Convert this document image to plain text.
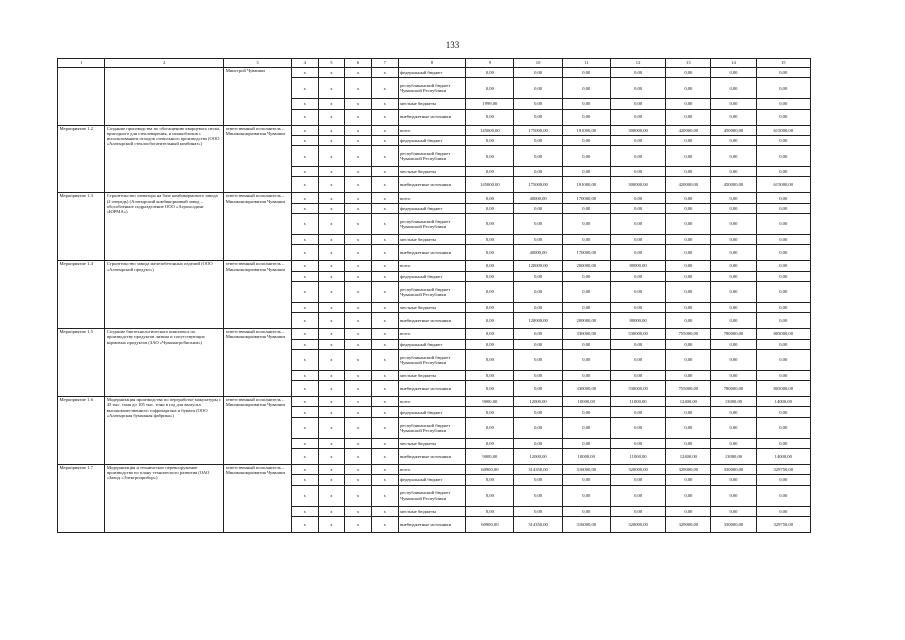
133
1	2	3	4	5	6	7	8	9	10	11	12	13	14	15
		Минстрой Чувашии	x	x	x	x	федеральный бюджет	0,00	0,00	0,00	0,00	0,00	0,00	0,00
			x	x	x	x	республиканский бюджет Чувашской Республики	0,00	0,00	0,00	0,00	0,00	0,00	0,00
			x	x	x	x	местные бюджеты	1999,00	0,00	0,00	0,00	0,00	0,00	0,00
			x	x	x	x	внебюджетные источники	0,00	0,00	0,00	0,00	0,00	0,00	0,00
Мероприятие 1.2	Создание производства по обогащению кварцевого песка, пригодного для стекловарения, и шлакоблоков с использованием отходов стекольного производства (ООО «Алатырский стеклообогатительный комбинат»)	ответственный исполнитель – Минэкономразвития Чувашии	x	x	x	x	всего	145000,00	175000,00	191000,00	300000,00	420000,00	450000,00	615000,00
			x	x	x	x	федеральный бюджет	0,00	0,00	0,00	0,00	0,00	0,00	0,00
			x	x	x	x	республиканский бюджет Чувашской Республики	0,00	0,00	0,00	0,00	0,00	0,00	0,00
			x	x	x	x	местные бюджеты	0,00	0,00	0,00	0,00	0,00	0,00	0,00
			x	x	x	x	внебюджетные источники	145000,00	175000,00	191000,00	300000,00	420000,00	450000,00	615000,00
Мероприятие 1.3	Строительство элеватора на базе комбикормового завода (2 очередь) (Алатырский комбикормовый завод – обособленное подразделение ООО «Агрохолдинг «ЮРМА»)	ответственный исполнитель – Минэкономразвития Чувашии	x	x	x	x	всего	0,00	40000,00	170000,00	0,00	0,00	0,00	0,00
			x	x	x	x	федеральный бюджет	0,00	0,00	0,00	0,00	0,00	0,00	0,00
			x	x	x	x	республиканский бюджет Чувашской Республики	0,00	0,00	0,00	0,00	0,00	0,00	0,00
			x	x	x	x	местные бюджеты	0,00	0,00	0,00	0,00	0,00	0,00	0,00
			x	x	x	x	внебюджетные источники	0,00	40000,00	170000,00	0,00	0,00	0,00	0,00
Мероприятие 1.4	Строительство завода железобетонных изделий (ООО «Алатырский продукт»)	ответственный исполнитель – Минэкономразвития Чувашии	x	x	x	x	всего	0,00	120000,00	200000,00	80000,00	0,00	0,00	0,00
			x	x	x	x	федеральный бюджет	0,00	0,00	0,00	0,00	0,00	0,00	0,00
			x	x	x	x	республиканский бюджет Чувашской Республики	0,00	0,00	0,00	0,00	0,00	0,00	0,00
			x	x	x	x	местные бюджеты	0,00	0,00	0,00	0,00	0,00	0,00	0,00
			x	x	x	x	внебюджетные источники	0,00	120000,00	200000,00	80000,00	0,00	0,00	0,00
Мероприятие 1.5	Создание биотехнологического комплекса по производству продуктов лизина и сопутствующих кормовых продуктов (ЗАО «Чувашагробиохим»)	ответственный исполнитель – Минэкономразвития Чувашии	x	x	x	x	всего	0,00	0,00	330000,00	530000,00	755000,00	780000,00	805000,00
			x	x	x	x	федеральный бюджет	0,00	0,00	0,00	0,00	0,00	0,00	0,00
			x	x	x	x	республиканский бюджет Чувашской Республики	0,00	0,00	0,00	0,00	0,00	0,00	0,00
			x	x	x	x	местные бюджеты	0,00	0,00	0,00	0,00	0,00	0,00	0,00
			x	x	x	x	внебюджетные источники	0,00	0,00	330000,00	530000,00	755000,00	780000,00	805000,00
Мероприятие 1.6	Модернизация производства по переработке макулатуры с 43 тыс. тонн до 105 тыс. тонн в год для выпуска высококачественного гофрокартона и бумаги (ООО «Алатырская бумажная фабрика»)	ответственный исполнитель – Минэкономразвития Чувашии	x	x	x	x	всего	9000,00	12000,00	10000,00	11000,00	12400,00	13000,00	14000,00
			x	x	x	x	федеральный бюджет	0,00	0,00	0,00	0,00	0,00	0,00	0,00
			x	x	x	x	республиканский бюджет Чувашской Республики	0,00	0,00	0,00	0,00	0,00	0,00	0,00
			x	x	x	x	местные бюджеты	0,00	0,00	0,00	0,00	0,00	0,00	0,00
			x	x	x	x	внебюджетные источники	9000,00	12000,00	10000,00	11000,00	12400,00	13000,00	14000,00
Мероприятие 1.7	Модернизация и техническое перевооружение производства по плану технического развития (ОАО «Завод «Электроприбор»)	ответственный исполнитель – Минэкономразвития Чувашии	x	x	x	x	всего	60900,00	314350,00	316000,00	320000,00	329000,00	330000,00	329750,00
			x	x	x	x	федеральный бюджет	0,00	0,00	0,00	0,00	0,00	0,00	0,00
			x	x	x	x	республиканский бюджет Чувашской Республики	0,00	0,00	0,00	0,00	0,00	0,00	0,00
			x	x	x	x	местные бюджеты	0,00	0,00	0,00	0,00	0,00	0,00	0,00
			x	x	x	x	внебюджетные источники	60900,00	314350,00	316000,00	320000,00	329000,00	330000,00	329750,00
